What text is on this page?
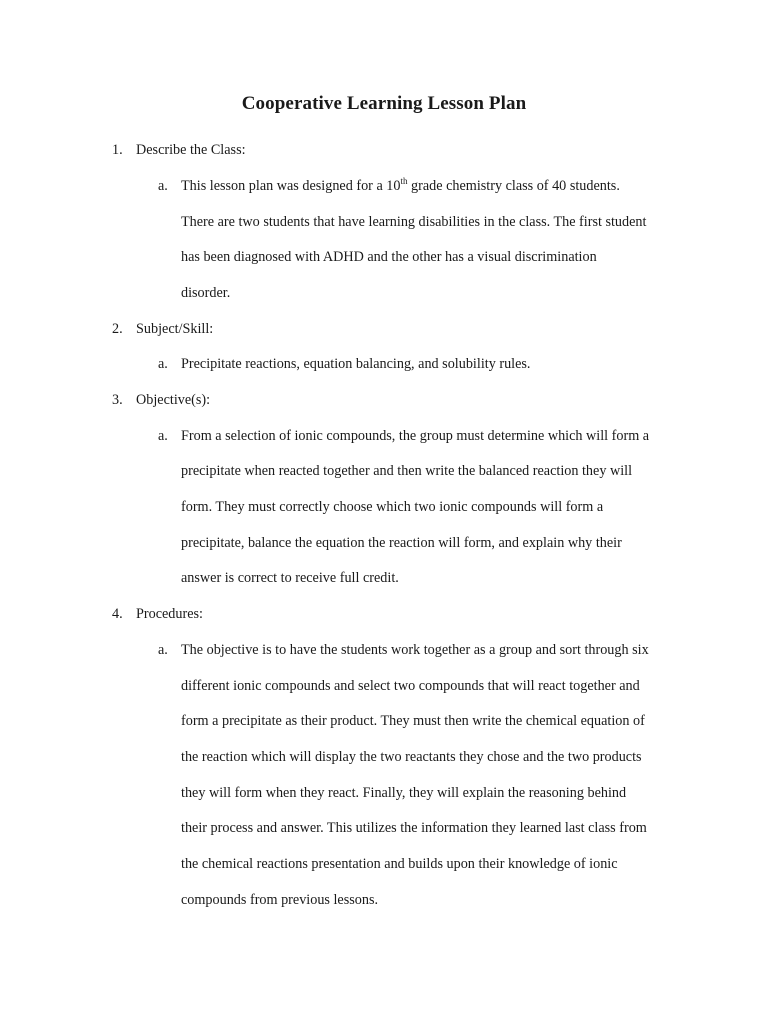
Cooperative Learning Lesson Plan
1. Describe the Class:
a. This lesson plan was designed for a 10th grade chemistry class of 40 students.
There are two students that have learning disabilities in the class. The first student
has been diagnosed with ADHD and the other has a visual discrimination
disorder.
2. Subject/Skill:
a. Precipitate reactions, equation balancing, and solubility rules.
3. Objective(s):
a. From a selection of ionic compounds, the group must determine which will form a
precipitate when reacted together and then write the balanced reaction they will
form. They must correctly choose which two ionic compounds will form a
precipitate, balance the equation the reaction will form, and explain why their
answer is correct to receive full credit.
4. Procedures:
a. The objective is to have the students work together as a group and sort through six
different ionic compounds and select two compounds that will react together and
form a precipitate as their product. They must then write the chemical equation of
the reaction which will display the two reactants they chose and the two products
they will form when they react. Finally, they will explain the reasoning behind
their process and answer. This utilizes the information they learned last class from
the chemical reactions presentation and builds upon their knowledge of ionic
compounds from previous lessons.
